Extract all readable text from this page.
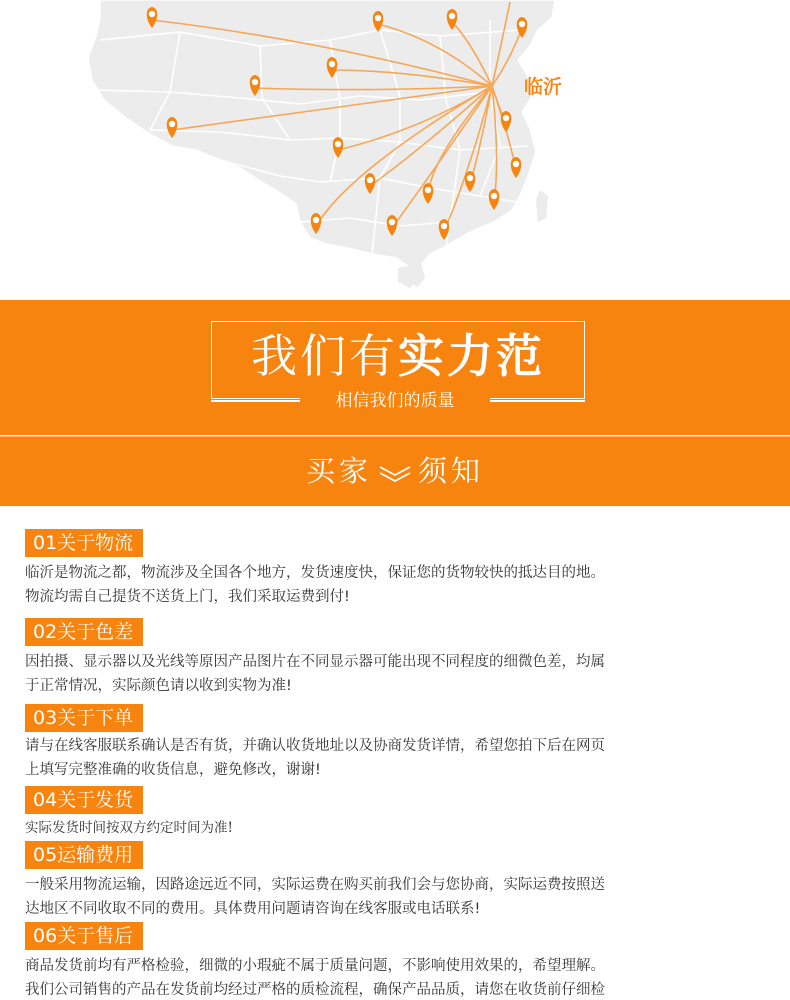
临沂
我们有实力范
相信我们的质量
买家 须知
01关于物流
临沂是物流之都，物流涉及全国各个地方，发货速度快，保证您的货物较快的抵达目的地。
物流均需自己提货不送货上门，我们采取运费到付!
02关于色差
因拍摄、显示器以及光线等原因产品图片在不同显示器可能出现不同程度的细微色差，均属
于正常情况，实际颜色请以收到实物为准!
03关于下单
请与在线客服联系确认是否有货，并确认收货地址以及协商发货详情，希望您拍下后在网页
上填写完整准确的收货信息，避免修改，谢谢!
04关于发货
实际发货时间按双方约定时间为准!
05运输费用
一般采用物流运输，因路途远近不同，实际运费在购买前我们会与您协商，实际运费按照送
达地区不同收取不同的费用。具体费用问题请咨询在线客服或电话联系!
06关于售后
商品发货前均有严格检验，细微的小瑕疵不属于质量问题，不影响使用效果的，希望理解。
我们公司销售的产品在发货前均经过严格的质检流程，确保产品品质，请您在收货前仔细检
